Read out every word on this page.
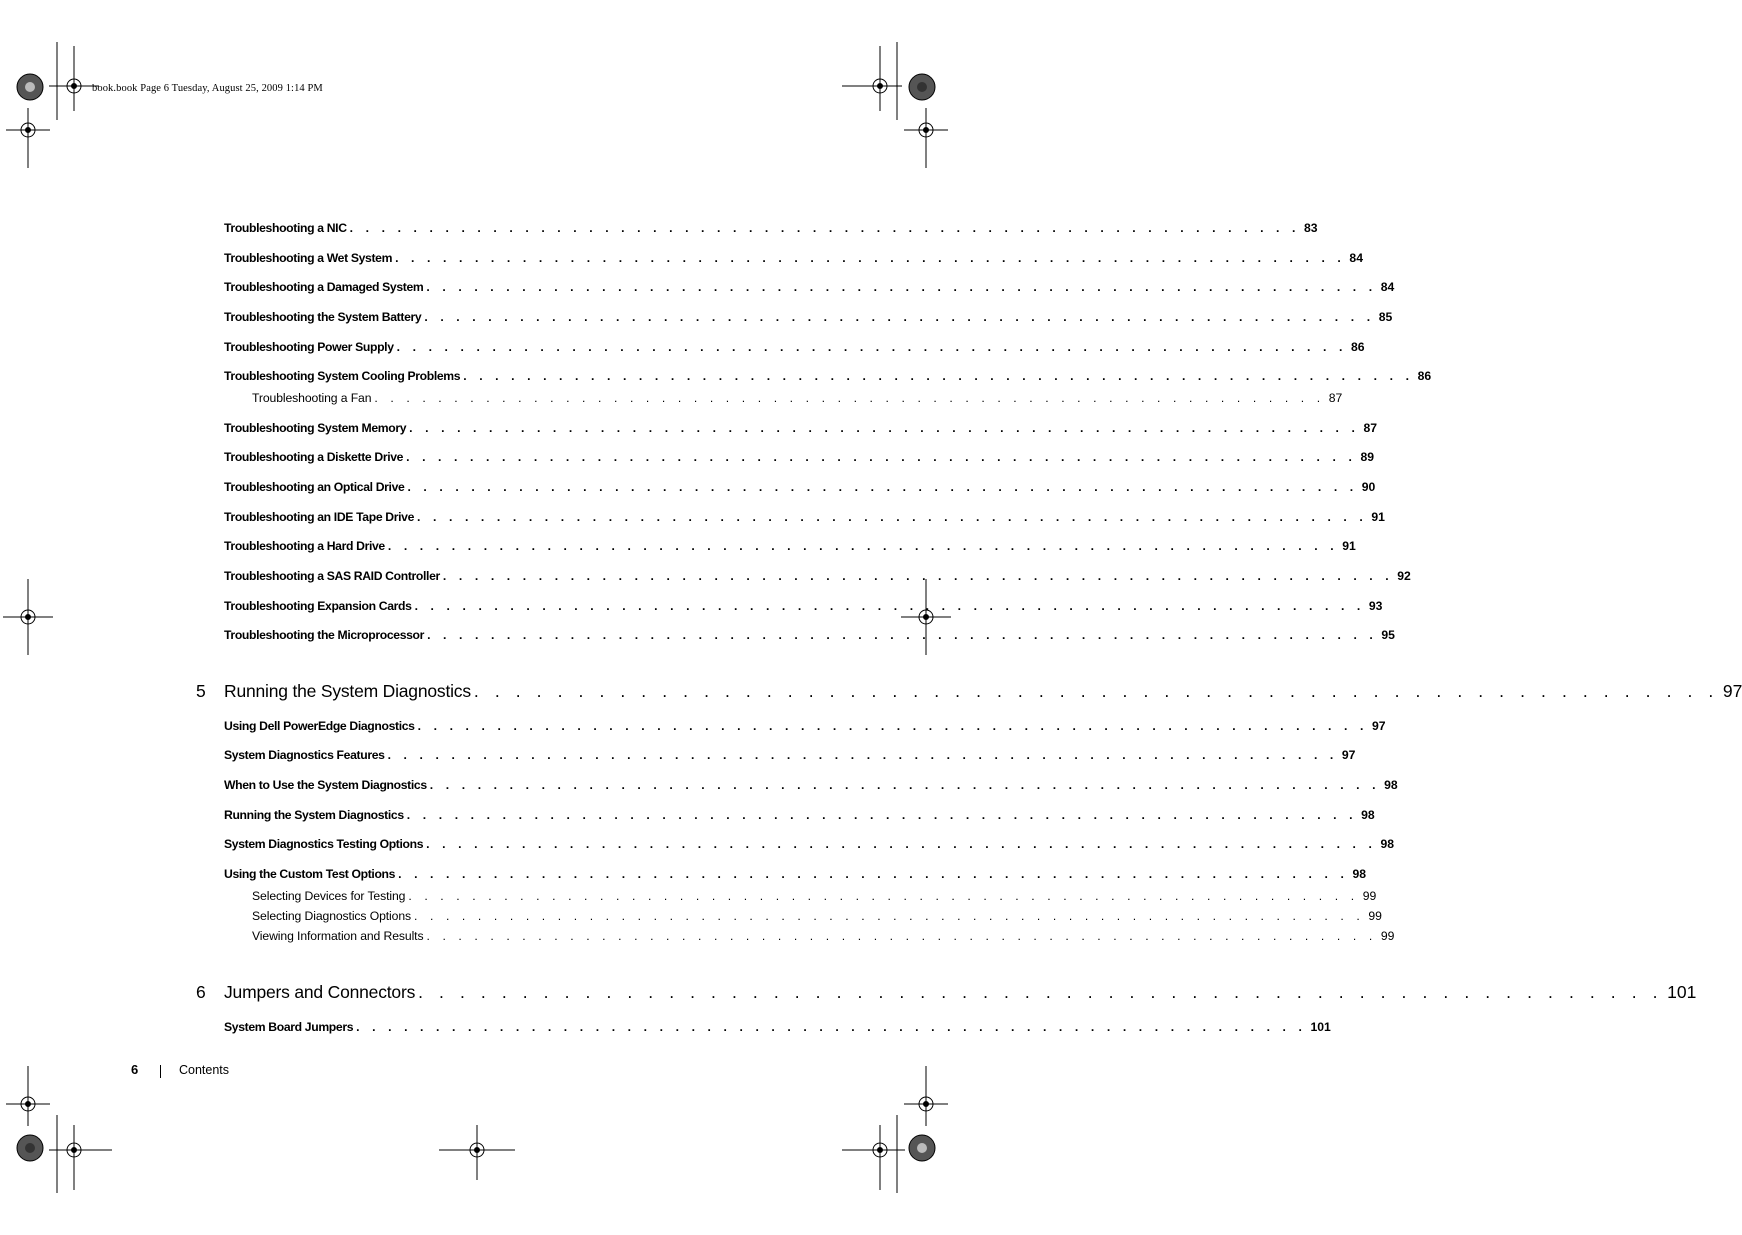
book.book Page 6 Tuesday, August 25, 2009 1:14 PM
Troubleshooting a NIC . . . . . . . . . . . . . . . . . . . . . . . . . . . . . . . . . . . . . . . . . . . . . . . . . . . . . . . . . . . . 83
Troubleshooting a Wet System . . . . . . . . . . . . . . . . . . . . . . . . . . . . . . . . . . . . . . . . . . . . . . . . . . . . . . . . . . . . 84
Troubleshooting a Damaged System . . . . . . . . . . . . . . . . . . . . . . . . . . . . . . . . . . . . . . . . . . . . . . . . . . . . . . . . . . . . 84
Troubleshooting the System Battery . . . . . . . . . . . . . . . . . . . . . . . . . . . . . . . . . . . . . . . . . . . . . . . . . . . . . . . . . . . . 85
Troubleshooting Power Supply . . . . . . . . . . . . . . . . . . . . . . . . . . . . . . . . . . . . . . . . . . . . . . . . . . . . . . . . . . . . 86
Troubleshooting System Cooling Problems . . . . . . . . . . . . . . . . . . . . . . . . . . . . . . . . . . . . . . . . . . . . . . . . . . . . . . . . . . . . 86
Troubleshooting a Fan . . . . . . . . . . . . . . . . . . . . . . . . . . . . . . . . . . . . . . . . . . . . . . . . . . . . . . . . . . . . 87
Troubleshooting System Memory . . . . . . . . . . . . . . . . . . . . . . . . . . . . . . . . . . . . . . . . . . . . . . . . . . . . . . . . . . . . 87
Troubleshooting a Diskette Drive . . . . . . . . . . . . . . . . . . . . . . . . . . . . . . . . . . . . . . . . . . . . . . . . . . . . . . . . . . . . 89
Troubleshooting an Optical Drive . . . . . . . . . . . . . . . . . . . . . . . . . . . . . . . . . . . . . . . . . . . . . . . . . . . . . . . . . . . . 90
Troubleshooting an IDE Tape Drive . . . . . . . . . . . . . . . . . . . . . . . . . . . . . . . . . . . . . . . . . . . . . . . . . . . . . . . . . . . . 91
Troubleshooting a Hard Drive . . . . . . . . . . . . . . . . . . . . . . . . . . . . . . . . . . . . . . . . . . . . . . . . . . . . . . . . . . . . 91
Troubleshooting a SAS RAID Controller . . . . . . . . . . . . . . . . . . . . . . . . . . . . . . . . . . . . . . . . . . . . . . . . . . . . . . . . . . . . 92
Troubleshooting Expansion Cards . . . . . . . . . . . . . . . . . . . . . . . . . . . . . . . . . . . . . . . . . . . . . . . . . . . . . . . . . . . . 93
Troubleshooting the Microprocessor . . . . . . . . . . . . . . . . . . . . . . . . . . . . . . . . . . . . . . . . . . . . . . . . . . . . . . . . . . . . 95
5	Running the System Diagnostics . . . . . . . . . . . . . . . . . . . . . . . . . . . . . . . . . . . . . . . . . . . . . . . . . . . . . . . . . . . . 97
Using Dell PowerEdge Diagnostics . . . . . . . . . . . . . . . . . . . . . . . . . . . . . . . . . . . . . . . . . . . . . . . . . . . . . . . . . . . . 97
System Diagnostics Features . . . . . . . . . . . . . . . . . . . . . . . . . . . . . . . . . . . . . . . . . . . . . . . . . . . . . . . . . . . . 97
When to Use the System Diagnostics . . . . . . . . . . . . . . . . . . . . . . . . . . . . . . . . . . . . . . . . . . . . . . . . . . . . . . . . . . . . 98
Running the System Diagnostics . . . . . . . . . . . . . . . . . . . . . . . . . . . . . . . . . . . . . . . . . . . . . . . . . . . . . . . . . . . . 98
System Diagnostics Testing Options . . . . . . . . . . . . . . . . . . . . . . . . . . . . . . . . . . . . . . . . . . . . . . . . . . . . . . . . . . . . 98
Using the Custom Test Options . . . . . . . . . . . . . . . . . . . . . . . . . . . . . . . . . . . . . . . . . . . . . . . . . . . . . . . . . . . . 98
Selecting Devices for Testing . . . . . . . . . . . . . . . . . . . . . . . . . . . . . . . . . . . . . . . . . . . . . . . . . . . . . . . . . . . . 99
Selecting Diagnostics Options . . . . . . . . . . . . . . . . . . . . . . . . . . . . . . . . . . . . . . . . . . . . . . . . . . . . . . . . . . . . 99
Viewing Information and Results . . . . . . . . . . . . . . . . . . . . . . . . . . . . . . . . . . . . . . . . . . . . . . . . . . . . . . . . . . . . 99
6	Jumpers and Connectors . . . . . . . . . . . . . . . . . . . . . . . . . . . . . . . . . . . . . . . . . . . . . . . . . . . . . . . . . . . . 101
System Board Jumpers . . . . . . . . . . . . . . . . . . . . . . . . . . . . . . . . . . . . . . . . . . . . . . . . . . . . . . . . . . . . 101
6	Contents
